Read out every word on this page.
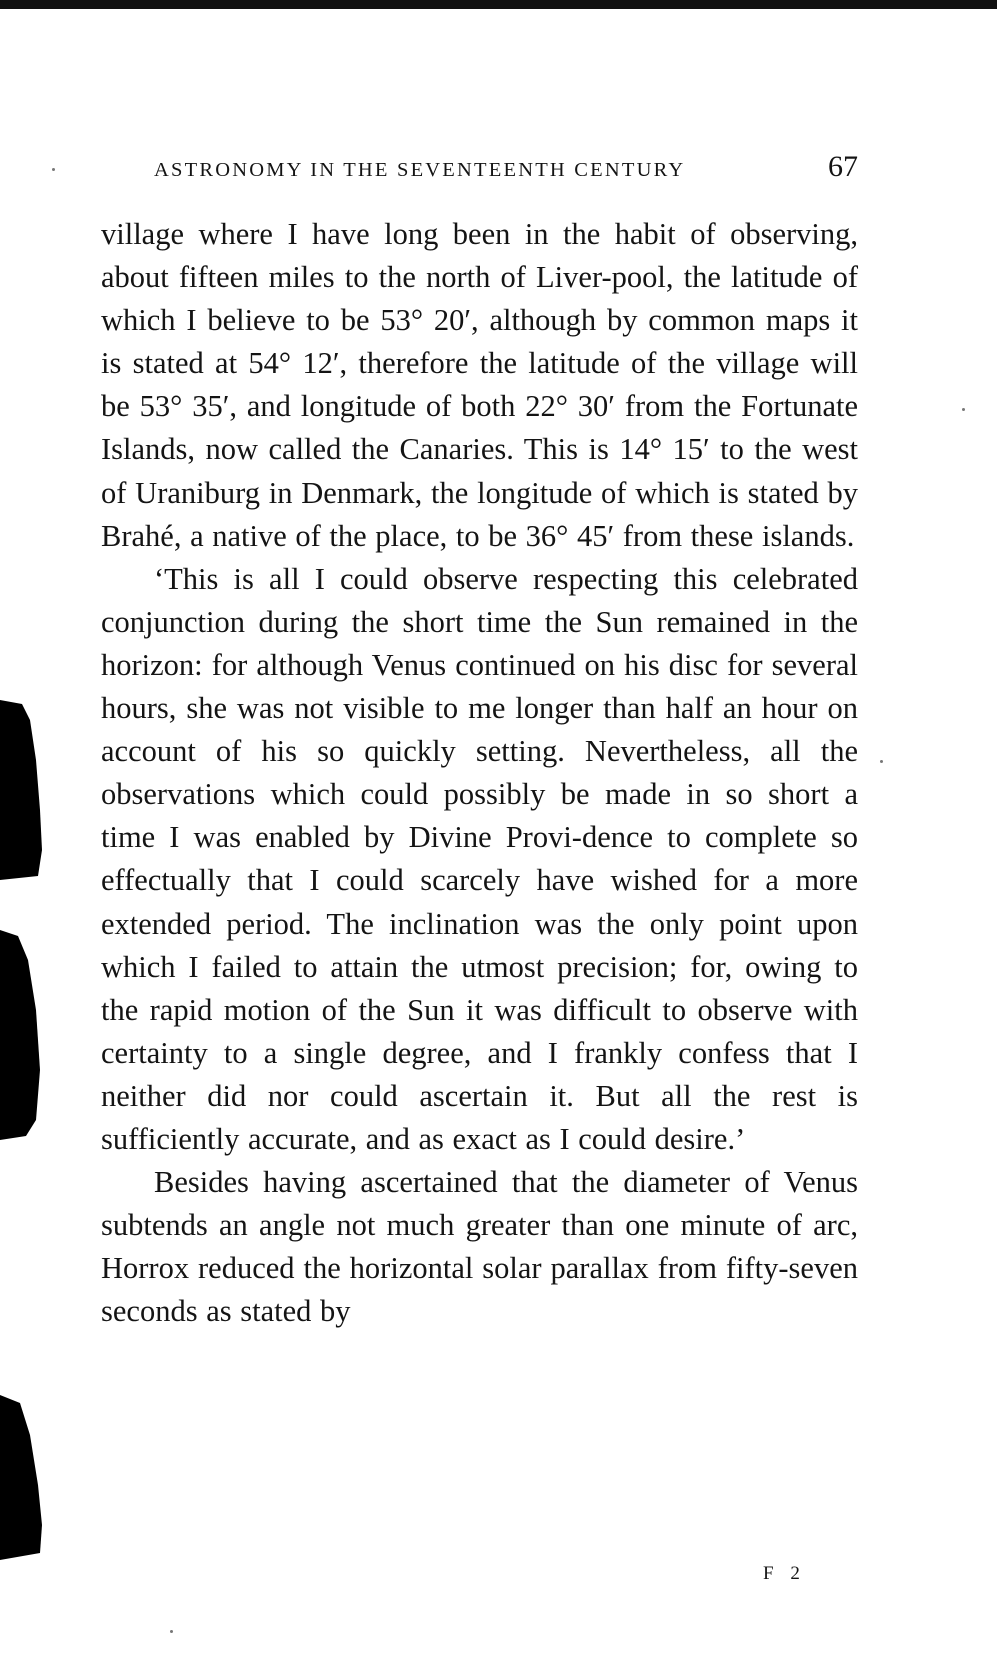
ASTRONOMY IN THE SEVENTEENTH CENTURY	67

village where I have long been in the habit of observing, about fifteen miles to the north of Liver-pool, the latitude of which I believe to be 53° 20′, although by common maps it is stated at 54° 12′, therefore the latitude of the village will be 53° 35′, and longitude of both 22° 30′ from the Fortunate Islands, now called the Canaries. This is 14° 15′ to the west of Uraniburg in Denmark, the longitude of which is stated by Brahé, a native of the place, to be 36° 45′ from these islands.

‘This is all I could observe respecting this celebrated conjunction during the short time the Sun remained in the horizon: for although Venus continued on his disc for several hours, she was not visible to me longer than half an hour on account of his so quickly setting. Nevertheless, all the observations which could possibly be made in so short a time I was enabled by Divine Provi-dence to complete so effectually that I could scarcely have wished for a more extended period. The inclination was the only point upon which I failed to attain the utmost precision; for, owing to the rapid motion of the Sun it was difficult to observe with certainty to a single degree, and I frankly confess that I neither did nor could ascertain it. But all the rest is sufficiently accurate, and as exact as I could desire.’

Besides having ascertained that the diameter of Venus subtends an angle not much greater than one minute of arc, Horrox reduced the horizontal solar parallax from fifty-seven seconds as stated by

F 2
